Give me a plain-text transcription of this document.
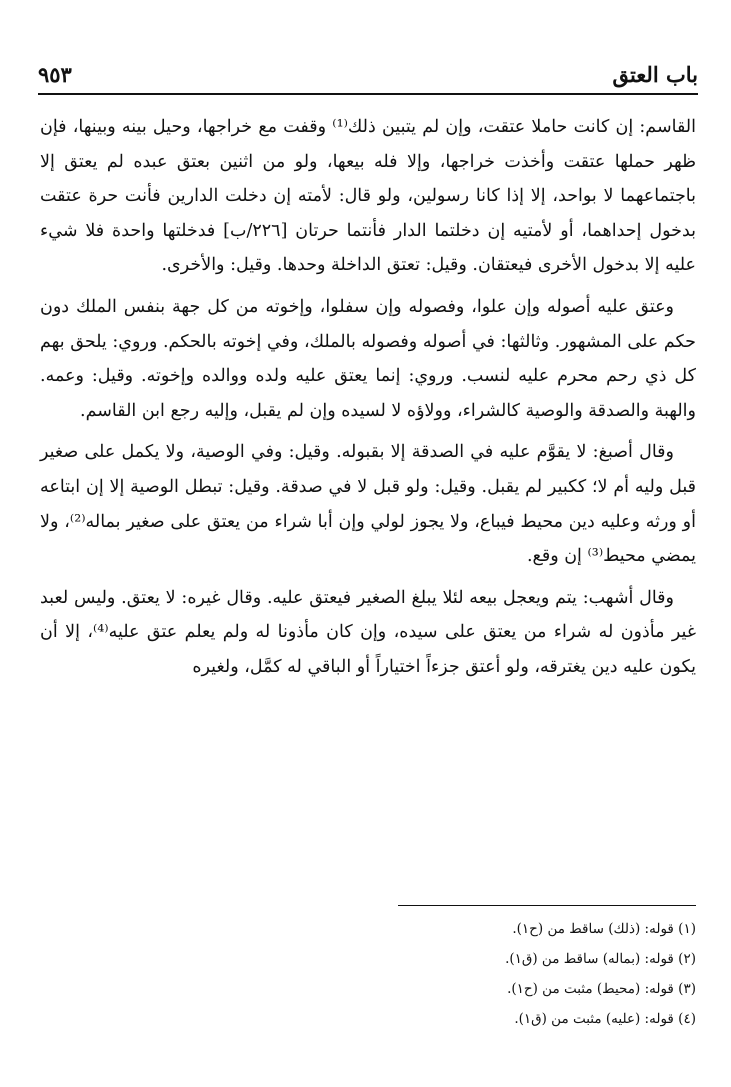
باب العتق
٩٥٣

القاسم: إن كانت حاملا عتقت، وإن لم يتبين ذلك⁽¹⁾ وقفت مع خراجها، وحيل بينه وبينها، فإن ظهر حملها عتقت وأخذت خراجها، وإلا فله بيعها، ولو من اثنين بعتق عبده لم يعتق إلا باجتماعهما لا بواحد، إلا إذا كانا رسولين، ولو قال: لأمته إن دخلت الدارين فأنت حرة عتقت بدخول إحداهما، أو لأمتيه إن دخلتما الدار فأنتما حرتان [٢٢٦/ب] فدخلتها واحدة فلا شيء عليه إلا بدخول الأخرى فيعتقان. وقيل: تعتق الداخلة وحدها. وقيل: والأخرى.

وعتق عليه أصوله وإن علوا، وفصوله وإن سفلوا، وإخوته من كل جهة بنفس الملك دون حكم على المشهور. وثالثها: في أصوله وفصوله بالملك، وفي إخوته بالحكم. وروي: يلحق بهم كل ذي رحم محرم عليه لنسب. وروي: إنما يعتق عليه ولده ووالده وإخوته. وقيل: وعمه. والهبة والصدقة والوصية كالشراء، وولاؤه لا لسيده وإن لم يقبل، وإليه رجع ابن القاسم.

وقال أصبغ: لا يقوَّم عليه في الصدقة إلا بقبوله. وقيل: وفي الوصية، ولا يكمل على صغير قبل وليه أم لا؛ ككبير لم يقبل. وقيل: ولو قبل لا في صدقة. وقيل: تبطل الوصية إلا إن ابتاعه أو ورثه وعليه دين محيط فيباع، ولا يجوز لولي وإن أبا شراء من يعتق على صغير بماله⁽²⁾، ولا يمضي محيط⁽³⁾ إن وقع.

وقال أشهب: يتم ويعجل بيعه لئلا يبلغ الصغير فيعتق عليه. وقال غيره: لا يعتق. وليس لعبد غير مأذون له شراء من يعتق على سيده، وإن كان مأذونا له ولم يعلم عتق عليه⁽⁴⁾، إلا أن يكون عليه دين يغترقه، ولو أعتق جزءاً اختياراً أو الباقي له كمَّل، ولغيره

(١) قوله: (ذلك) ساقط من (ح١).
(٢) قوله: (بماله) ساقط من (ق١).
(٣) قوله: (محيط) مثبت من (ح١).
(٤) قوله: (عليه) مثبت من (ق١).
